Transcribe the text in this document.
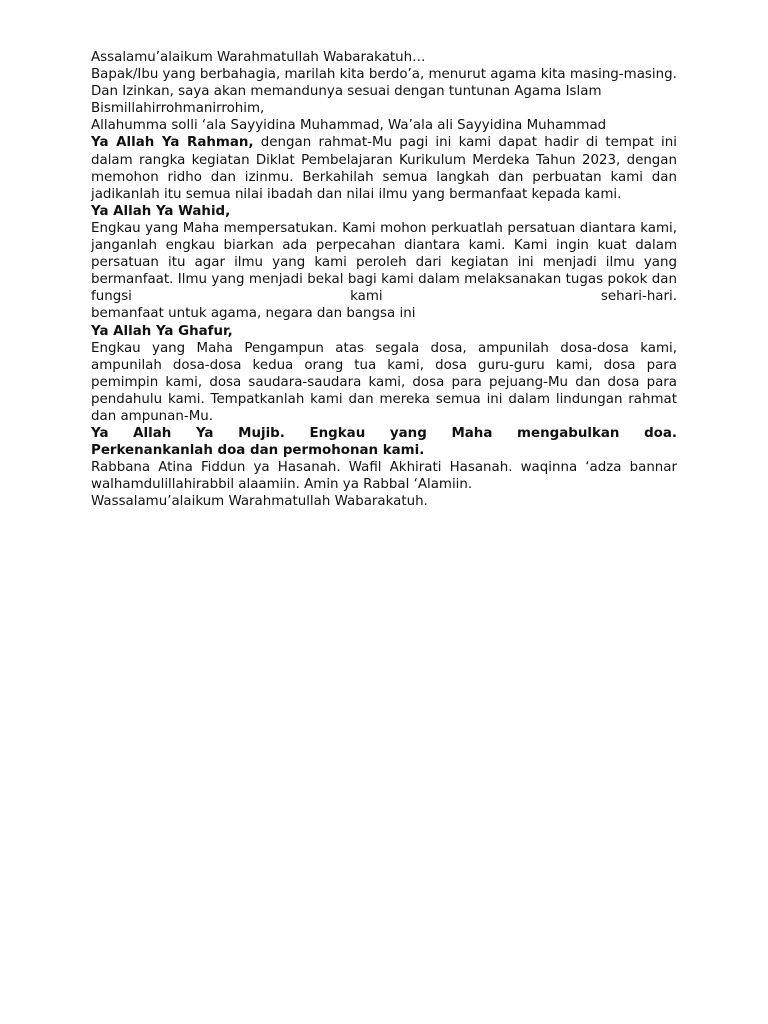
Assalamu’alaikum Warahmatullah Wabarakatuh…

Bapak/Ibu yang berbahagia, marilah kita berdo’a, menurut agama kita masing-masing.

Dan Izinkan, saya akan memandunya sesuai dengan tuntunan Agama Islam

Bismillahirrohmanirrohim,

Allahumma solli ‘ala Sayyidina Muhammad, Wa’ala ali Sayyidina Muhammad

Ya Allah Ya Rahman, dengan rahmat-Mu pagi ini kami dapat hadir di tempat ini dalam rangka kegiatan Diklat Pembelajaran Kurikulum Merdeka Tahun 2023, dengan memohon ridho dan izinmu. Berkahilah semua langkah dan perbuatan kami dan jadikanlah itu semua nilai ibadah dan nilai ilmu yang bermanfaat kepada kami.

Ya Allah Ya Wahid,

Engkau yang Maha mempersatukan. Kami mohon perkuatlah persatuan diantara kami, janganlah engkau biarkan ada perpecahan diantara kami. Kami ingin kuat dalam persatuan itu agar ilmu yang kami peroleh dari kegiatan ini menjadi ilmu yang bermanfaat. Ilmu yang menjadi bekal bagi kami dalam melaksanakan tugas pokok dan fungsi kami sehari-hari.

bemanfaat untuk agama, negara dan bangsa ini

Ya Allah Ya Ghafur,

Engkau yang Maha Pengampun atas segala dosa, ampunilah dosa-dosa kami, ampunilah dosa-dosa kedua orang tua kami, dosa guru-guru kami, dosa para pemimpin kami, dosa saudara-saudara kami, dosa para pejuang-Mu dan dosa para pendahulu kami. Tempatkanlah kami dan mereka semua ini dalam lindungan rahmat dan ampunan-Mu.

Ya Allah Ya Mujib. Engkau yang Maha mengabulkan doa.

Perkenankanlah doa dan permohonan kami.

Rabbana Atina Fiddun ya Hasanah. Wafil Akhirati Hasanah. waqinna ‘adza bannar walhamdulillahirabbil alaamiin. Amin ya Rabbal ‘Alamiin.

Wassalamu’alaikum Warahmatullah Wabarakatuh.
